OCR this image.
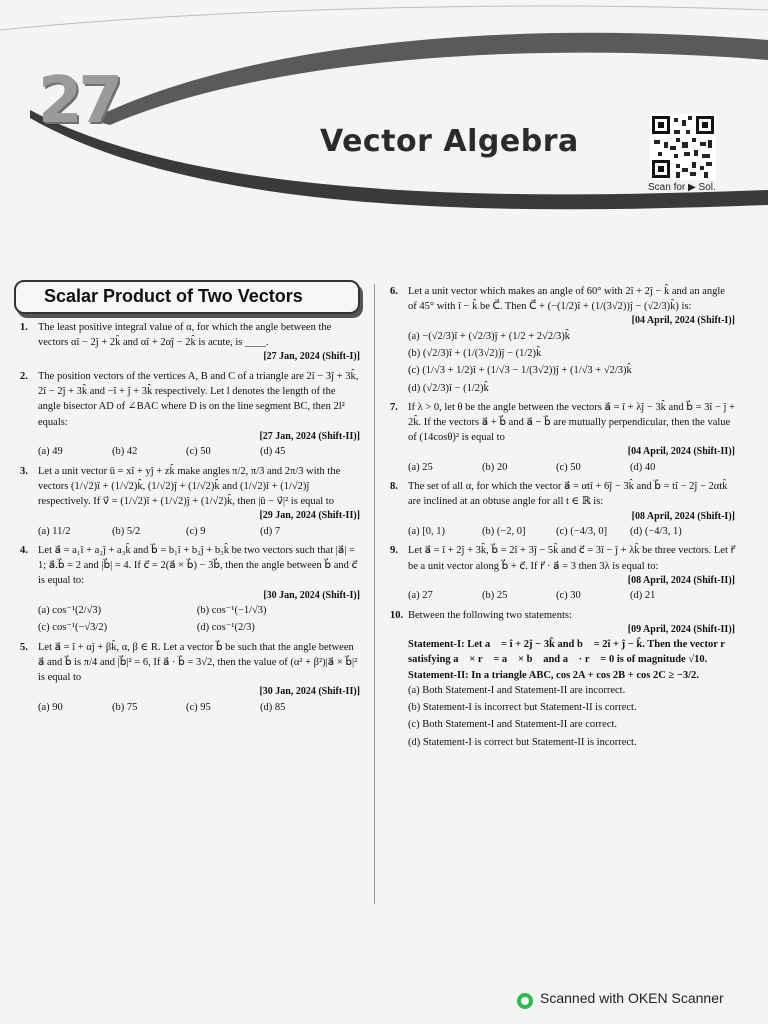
27
Vector Algebra
Scan for ▶ Sol.
Scalar Product of Two Vectors
1. The least positive integral value of α, for which the angle between the vectors αî − 2ĵ + 2k̂ and αî + 2αĵ − 2k̂ is acute, is ____.
[27 Jan, 2024 (Shift-I)]
2. The position vectors of the vertices A, B and C of a triangle are 2î − 3ĵ + 3k̂, 2î − 2ĵ + 3k̂ and −î + ĵ + 3k̂ respectively. Let l denotes the length of the angle bisector AD of ∠BAC where D is on the line segment BC, then 2l² equals:
[27 Jan, 2024 (Shift-II)]
(a) 49	(b) 42	(c) 50	(d) 45
3. Let a unit vector û = xî + yĵ + zk̂ make angles π/2, π/3 and 2π/3 with the vectors (1/√2)î + (1/√2)k̂, (1/√2)ĵ + (1/√2)k̂ and (1/√2)î + (1/√2)ĵ respectively. If v⃗ = (1/√2)î + (1/√2)ĵ + (1/√2)k̂, then |û − v⃗|² is equal to
[29 Jan, 2024 (Shift-II)]
(a) 11/2	(b) 5/2	(c) 9	(d) 7
4. Let a⃗ = a₁î + a₂ĵ + a₃k̂ and b⃗ = b₁î + b₂ĵ + b₃k̂ be two vectors such that |a⃗| = 1; a⃗.b⃗ = 2 and |b⃗| = 4. If c⃗ = 2(a⃗ × b⃗) − 3b⃗, then the angle between b⃗ and c⃗ is equal to:
[30 Jan, 2024 (Shift-I)]
(a) cos⁻¹(2/√3)	(b) cos⁻¹(−1/√3)
(c) cos⁻¹(−√3/2)	(d) cos⁻¹(2/3)
5. Let a⃗ = î + αĵ + βk̂, α, β ∈ R. Let a vector b⃗ be such that the angle between a⃗ and b⃗ is π/4 and |b⃗|² = 6, If a⃗ · b⃗ = 3√2, then the value of (α² + β²)|a⃗ × b⃗|² is equal to
[30 Jan, 2024 (Shift-II)]
(a) 90	(b) 75	(c) 95	(d) 85
6. Let a unit vector which makes an angle of 60° with 2î + 2ĵ − k̂ and an angle of 45° with î − k̂ be C⃗. Then C⃗ + (−(1/2)î + (1/(3√2))ĵ − (√2/3)k̂) is:
[04 April, 2024 (Shift-I)]
(a) −(√2/3)î + (√2/3)ĵ + (1/2 + 2√2/3)k̂
(b) (√2/3)î + (1/(3√2))ĵ − (1/2)k̂
(c) (1/√3 + 1/2)î + (1/√3 − 1/(3√2))ĵ + (1/√3 + √2/3)k̂
(d) (√2/3)î − (1/2)k̂
7. If λ > 0, let θ be the angle between the vectors a⃗ = î + λĵ − 3k̂ and b⃗ = 3î − ĵ + 2k̂. If the vectors a⃗ + b⃗ and a⃗ − b⃗ are mutually perpendicular, then the value of (14cosθ)² is equal to
[04 April, 2024 (Shift-II)]
(a) 25	(b) 20	(c) 50	(d) 40
8. The set of all α, for which the vector a⃗ = αtî + 6ĵ − 3k̂ and b⃗ = tî − 2ĵ − 2αtk̂ are inclined at an obtuse angle for all t ∈ ℝ is:
[08 April, 2024 (Shift-I)]
(a) [0, 1)	(b) (−2, 0]	(c) (−4/3, 0]	(d) (−4/3, 1)
9. Let a⃗ = î + 2ĵ + 3k̂, b⃗ = 2î + 3ĵ − 5k̂ and c⃗ = 3î − ĵ + λk̂ be three vectors. Let r⃗ be a unit vector along b⃗ + c⃗. If r⃗ · a⃗ = 3 then 3λ is equal to:
[08 April, 2024 (Shift-II)]
(a) 27	(b) 25	(c) 30	(d) 21
10. Between the following two statements:
[09 April, 2024 (Shift-II)]
Statement-I: Let a⃗ = î + 2ĵ − 3k̂ and b⃗ = 2î + ĵ − k̂. Then the vector r⃗ satisfying a⃗ × r⃗ = a⃗ × b⃗ and a⃗ · r⃗ = 0 is of magnitude √10.
Statement-II: In a triangle ABC, cos 2A + cos 2B + cos 2C ≥ −3/2.
(a) Both Statement-I and Statement-II are incorrect.
(b) Statement-I is incorrect but Statement-II is correct.
(c) Both Statement-I and Statement-II are correct.
(d) Statement-I is correct but Statement-II is incorrect.
Scanned with OKEN Scanner
